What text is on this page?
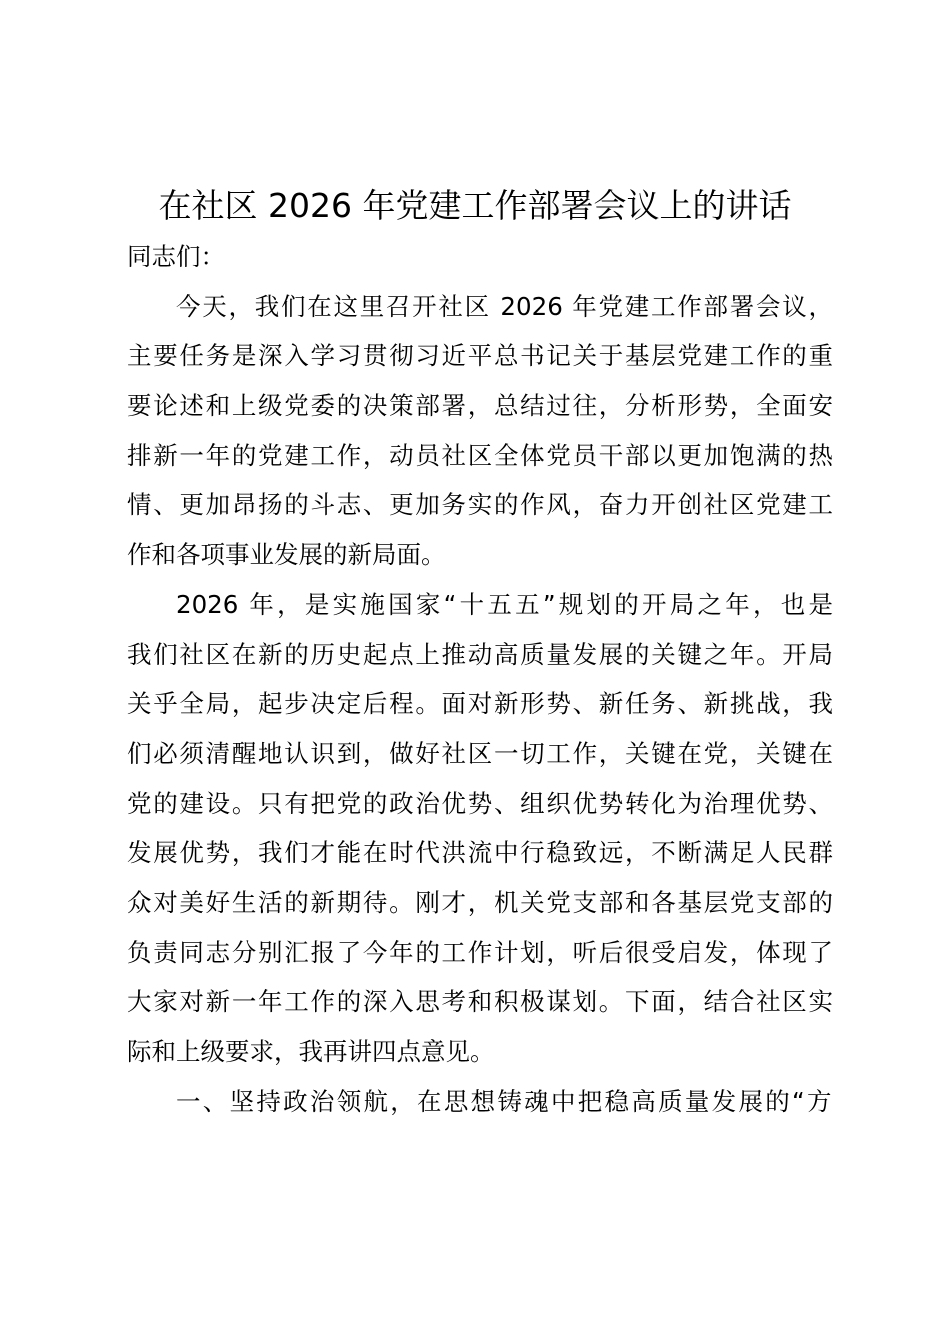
在社区 2026 年党建工作部署会议上的讲话
同志们：
今天，我们在这里召开社区 2026 年党建工作部署会议，
主要任务是深入学习贯彻习近平总书记关于基层党建工作的重
要论述和上级党委的决策部署，总结过往，分析形势，全面安
排新一年的党建工作，动员社区全体党员干部以更加饱满的热
情、更加昂扬的斗志、更加务实的作风，奋力开创社区党建工
作和各项事业发展的新局面。
2026 年，是实施国家“十五五”规划的开局之年，也是
我们社区在新的历史起点上推动高质量发展的关键之年。开局
关乎全局，起步决定后程。面对新形势、新任务、新挑战，我
们必须清醒地认识到，做好社区一切工作，关键在党，关键在
党的建设。只有把党的政治优势、组织优势转化为治理优势、
发展优势，我们才能在时代洪流中行稳致远，不断满足人民群
众对美好生活的新期待。刚才，机关党支部和各基层党支部的
负责同志分别汇报了今年的工作计划，听后很受启发，体现了
大家对新一年工作的深入思考和积极谋划。下面，结合社区实
际和上级要求，我再讲四点意见。
一、坚持政治领航，在思想铸魂中把稳高质量发展的“方
